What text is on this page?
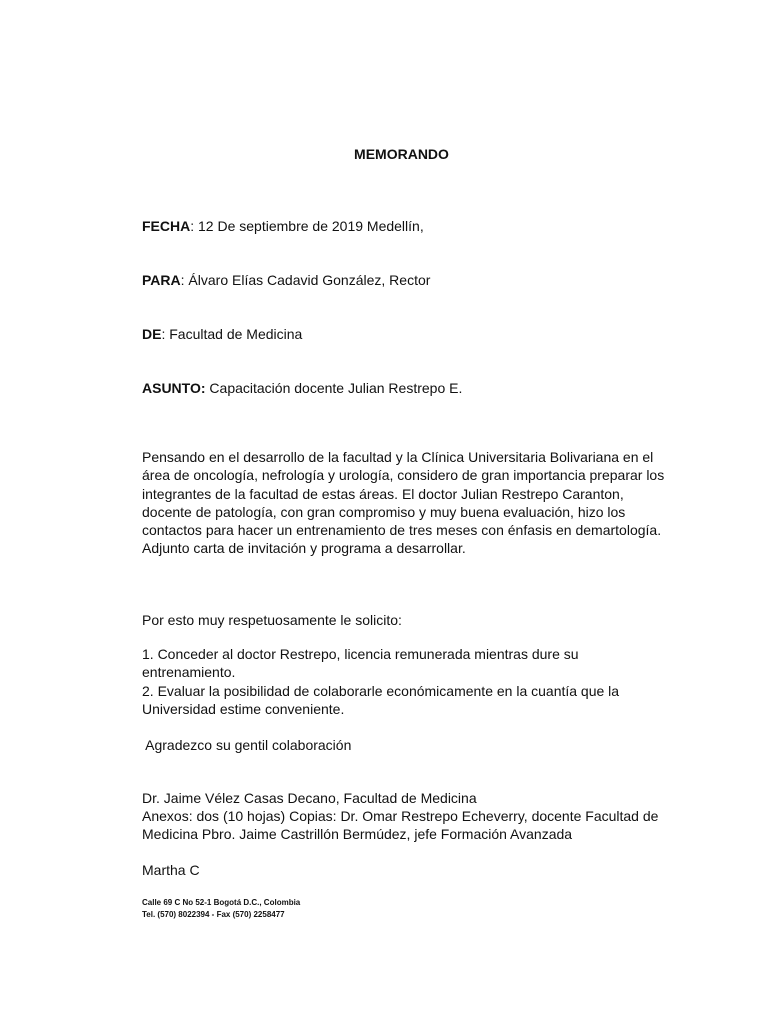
MEMORANDO
FECHA: 12 De septiembre de 2019 Medellín,
PARA: Álvaro Elías Cadavid González, Rector
DE: Facultad de Medicina
ASUNTO: Capacitación docente Julian Restrepo E.
Pensando en el desarrollo de la facultad y la Clínica Universitaria Bolivariana en el área de oncología, nefrología y urología, considero de gran importancia preparar los integrantes de la facultad de estas áreas. El doctor Julian Restrepo Caranton, docente de patología, con gran compromiso y muy buena evaluación, hizo los contactos para hacer un entrenamiento de tres meses con énfasis en demartología. Adjunto carta de invitación y programa a desarrollar.
Por esto muy respetuosamente le solicito:
1. Conceder al doctor Restrepo, licencia remunerada mientras dure su entrenamiento.
2. Evaluar la posibilidad de colaborarle económicamente en la cuantía que la Universidad estime conveniente.
Agradezco su gentil colaboración
Dr. Jaime Vélez Casas Decano, Facultad de Medicina
Anexos: dos (10 hojas) Copias: Dr. Omar Restrepo Echeverry, docente Facultad de Medicina Pbro. Jaime Castrillón Bermúdez, jefe Formación Avanzada
Martha C
Calle 69 C No 52-1 Bogotá D.C., Colombia
Tel. (570) 8022394 - Fax (570) 2258477
